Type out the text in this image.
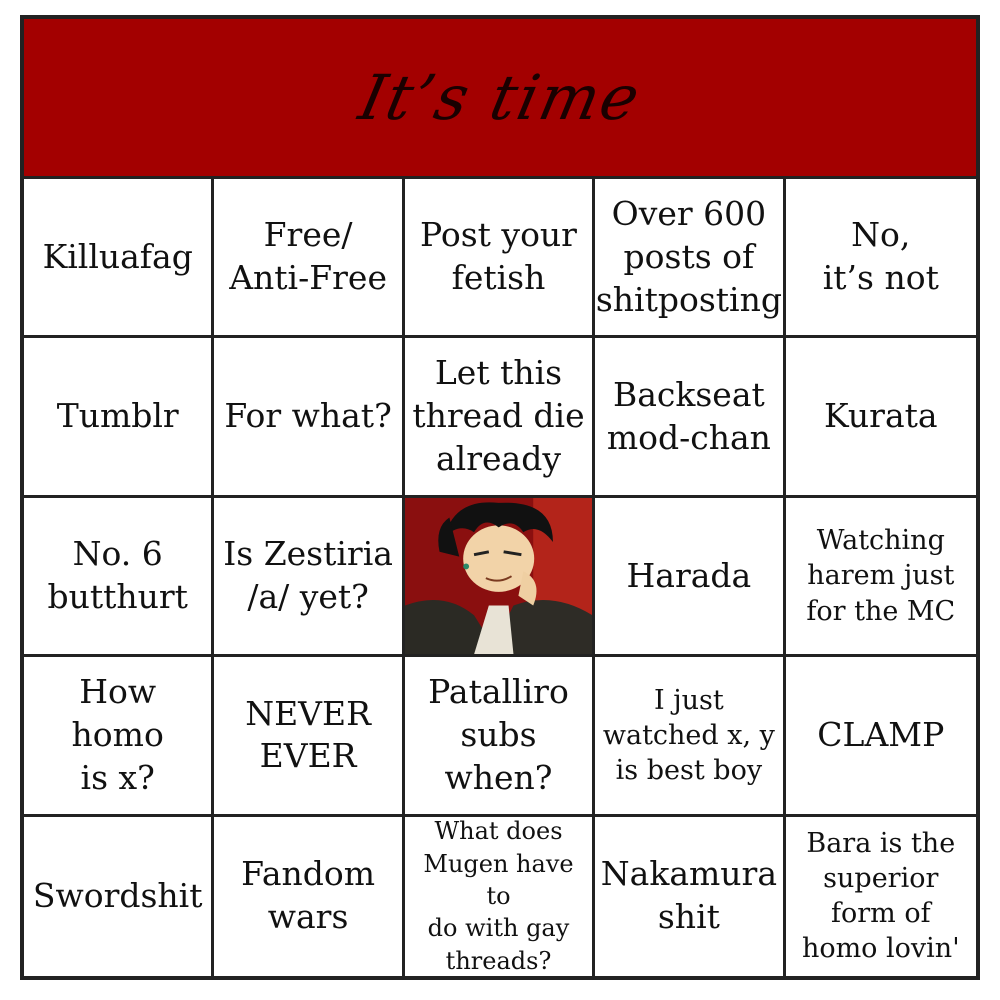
It’s time
Killuafag
Free/
Anti-Free
Post your
fetish
Over 600
posts of
shitposting
No,
it’s not
Tumblr For what?
Let this
thread die
already
Backseat
mod-chan
Kurata
No. 6
butthurt
Is Zestiria
/a/ yet?
Harada
Watching
harem just
for the MC
How homo
is x?
NEVER
EVER
Patalliro
subs
when?
I just
watched x, y
is best boy
CLAMP
Swordshit
Fandom
wars
What does
Mugen have to
do with gay
threads?
Nakamura
shit
Bara is the
superior
form of
homo lovin'
